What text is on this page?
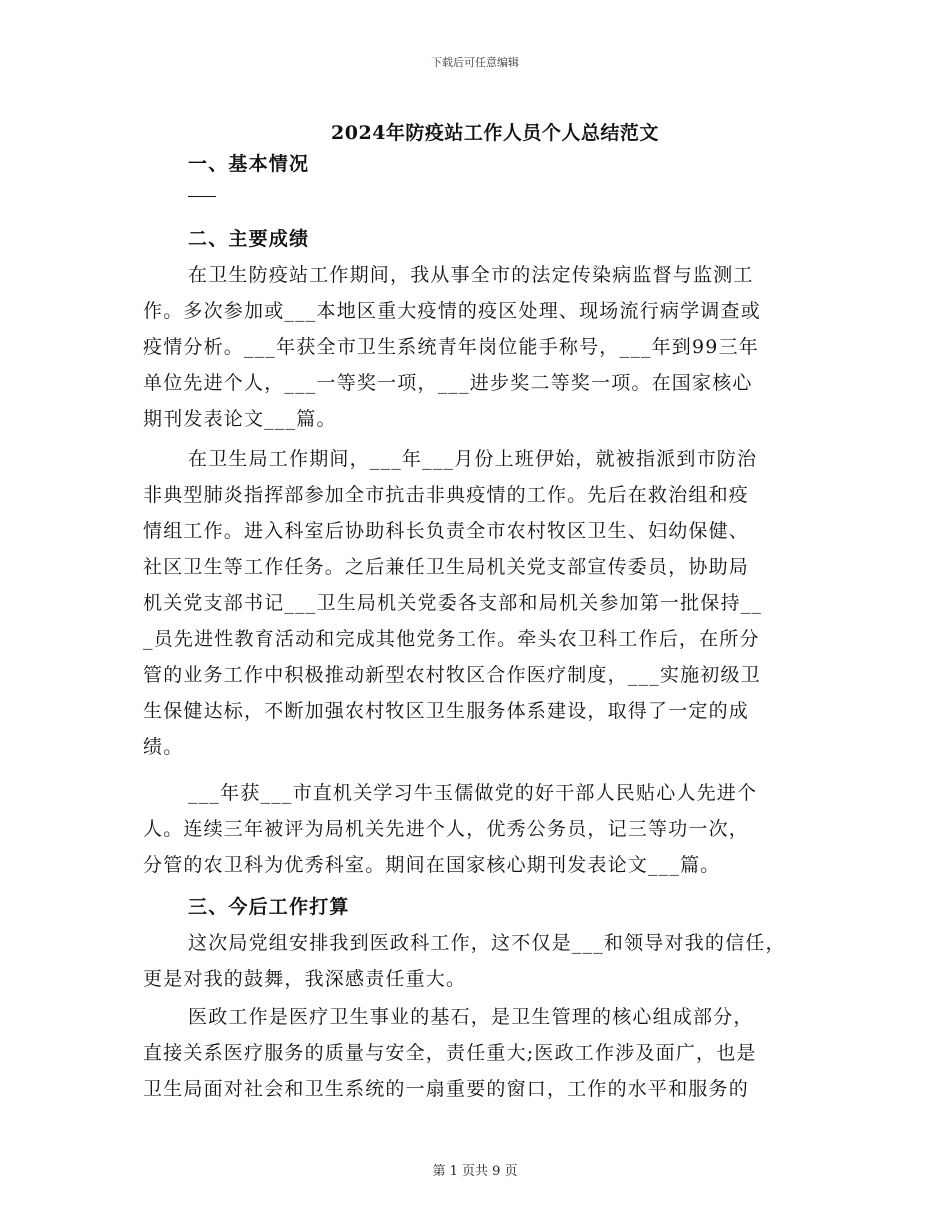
下载后可任意编辑
2024年防疫站工作人员个人总结范文
一、基本情况
二、主要成绩
在卫生防疫站工作期间，我从事全市的法定传染病监督与监测工
作。多次参加或___本地区重大疫情的疫区处理、现场流行病学调查或
疫情分析。___年获全市卫生系统青年岗位能手称号，___年到99三年
单位先进个人，___一等奖一项，___进步奖二等奖一项。在国家核心
期刊发表论文___篇。
在卫生局工作期间，___年___月份上班伊始，就被指派到市防治
非典型肺炎指挥部参加全市抗击非典疫情的工作。先后在救治组和疫
情组工作。进入科室后协助科长负责全市农村牧区卫生、妇幼保健、
社区卫生等工作任务。之后兼任卫生局机关党支部宣传委员，协助局
机关党支部书记___卫生局机关党委各支部和局机关参加第一批保持__
_员先进性教育活动和完成其他党务工作。牵头农卫科工作后，在所分
管的业务工作中积极推动新型农村牧区合作医疗制度，___实施初级卫
生保健达标，不断加强农村牧区卫生服务体系建设，取得了一定的成
绩。
___年获___市直机关学习牛玉儒做党的好干部人民贴心人先进个
人。连续三年被评为局机关先进个人，优秀公务员，记三等功一次，
分管的农卫科为优秀科室。期间在国家核心期刊发表论文___篇。
三、今后工作打算
这次局党组安排我到医政科工作，这不仅是___和领导对我的信任，
更是对我的鼓舞，我深感责任重大。
医政工作是医疗卫生事业的基石，是卫生管理的核心组成部分，
直接关系医疗服务的质量与安全，责任重大;医政工作涉及面广，也是
卫生局面对社会和卫生系统的一扇重要的窗口，工作的水平和服务的
第 1 页共 9 页
